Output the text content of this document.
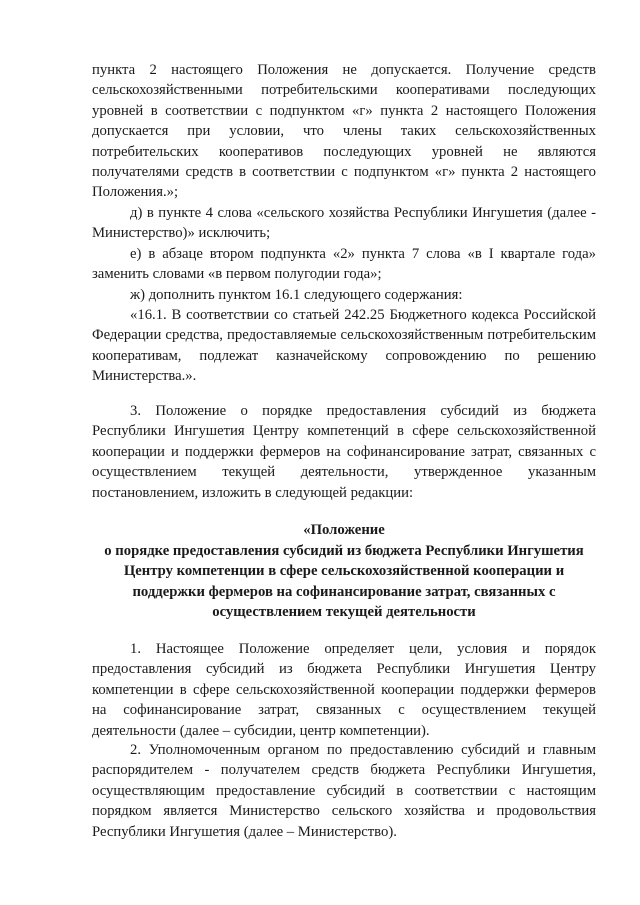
пункта 2 настоящего Положения не допускается. Получение средств сельскохозяйственными потребительскими кооперативами последующих уровней в соответствии с подпунктом «г» пункта 2 настоящего Положения допускается при условии, что члены таких сельскохозяйственных потребительских кооперативов последующих уровней не являются получателями средств в соответствии с подпунктом «г» пункта 2 настоящего Положения.»;

д) в пункте 4 слова «сельского хозяйства Республики Ингушетия (далее - Министерство)» исключить;

е) в абзаце втором подпункта «2» пункта 7 слова «в I квартале года» заменить словами «в первом полугодии года»;

ж) дополнить пунктом 16.1 следующего содержания:

«16.1. В соответствии со статьей 242.25 Бюджетного кодекса Российской Федерации средства, предоставляемые сельскохозяйственным потребительским кооперативам, подлежат казначейскому сопровождению по решению Министерства.».

3. Положение о порядке предоставления субсидий из бюджета Республики Ингушетия Центру компетенций в сфере сельскохозяйственной кооперации и поддержки фермеров на софинансирование затрат, связанных с осуществлением текущей деятельности, утвержденное указанным постановлением, изложить в следующей редакции:

«Положение
о порядке предоставления субсидий из бюджета Республики Ингушетия
Центру компетенции в сфере сельскохозяйственной кооперации и
поддержки фермеров на софинансирование затрат, связанных с
осуществлением текущей деятельности

1. Настоящее Положение определяет цели, условия и порядок предоставления субсидий из бюджета Республики Ингушетия Центру компетенции в сфере сельскохозяйственной кооперации поддержки фермеров на софинансирование затрат, связанных с осуществлением текущей деятельности (далее – субсидии, центр компетенции).

2. Уполномоченным органом по предоставлению субсидий и главным распорядителем - получателем средств бюджета Республики Ингушетия, осуществляющим предоставление субсидий в соответствии с настоящим порядком является Министерство сельского хозяйства и продовольствия Республики Ингушетия (далее – Министерство).
